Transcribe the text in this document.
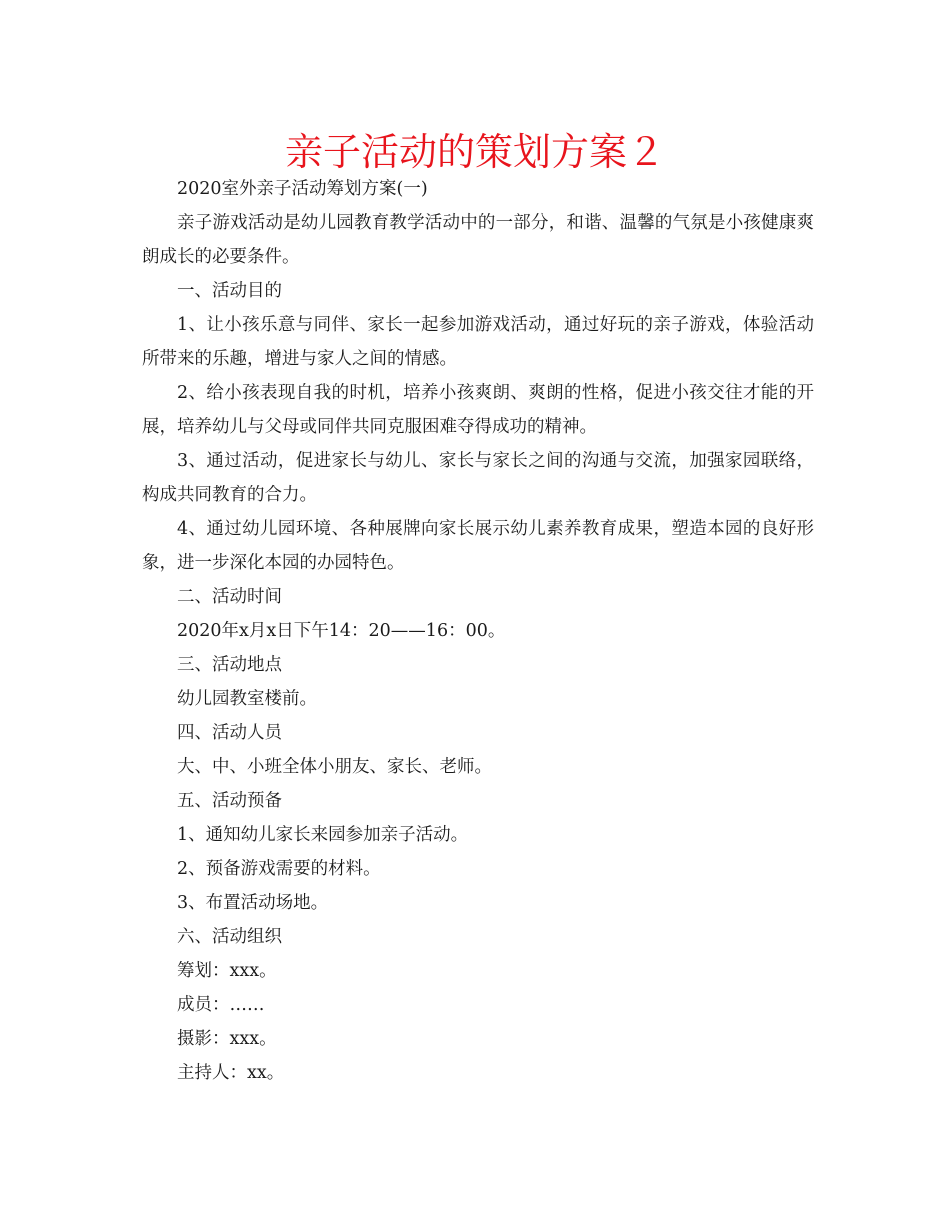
亲子活动的策划方案２

2020室外亲子活动筹划方案(一)

亲子游戏活动是幼儿园教育教学活动中的一部分，和谐、温馨的气氛是小孩健康爽朗成长的必要条件。

一、活动目的

1、让小孩乐意与同伴、家长一起参加游戏活动，通过好玩的亲子游戏，体验活动所带来的乐趣，增进与家人之间的情感。

2、给小孩表现自我的时机，培养小孩爽朗、爽朗的性格，促进小孩交往才能的开展，培养幼儿与父母或同伴共同克服困难夺得成功的精神。

3、通过活动，促进家长与幼儿、家长与家长之间的沟通与交流，加强家园联络，构成共同教育的合力。

4、通过幼儿园环境、各种展牌向家长展示幼儿素养教育成果，塑造本园的良好形象，进一步深化本园的办园特色。

二、活动时间

2020年x月x日下午14：20——16：00。

三、活动地点

幼儿园教室楼前。

四、活动人员

大、中、小班全体小朋友、家长、老师。

五、活动预备

1、通知幼儿家长来园参加亲子活动。

2、预备游戏需要的材料。

3、布置活动场地。

六、活动组织

筹划：xxx。

成员：……

摄影：xxx。

主持人：xx。
